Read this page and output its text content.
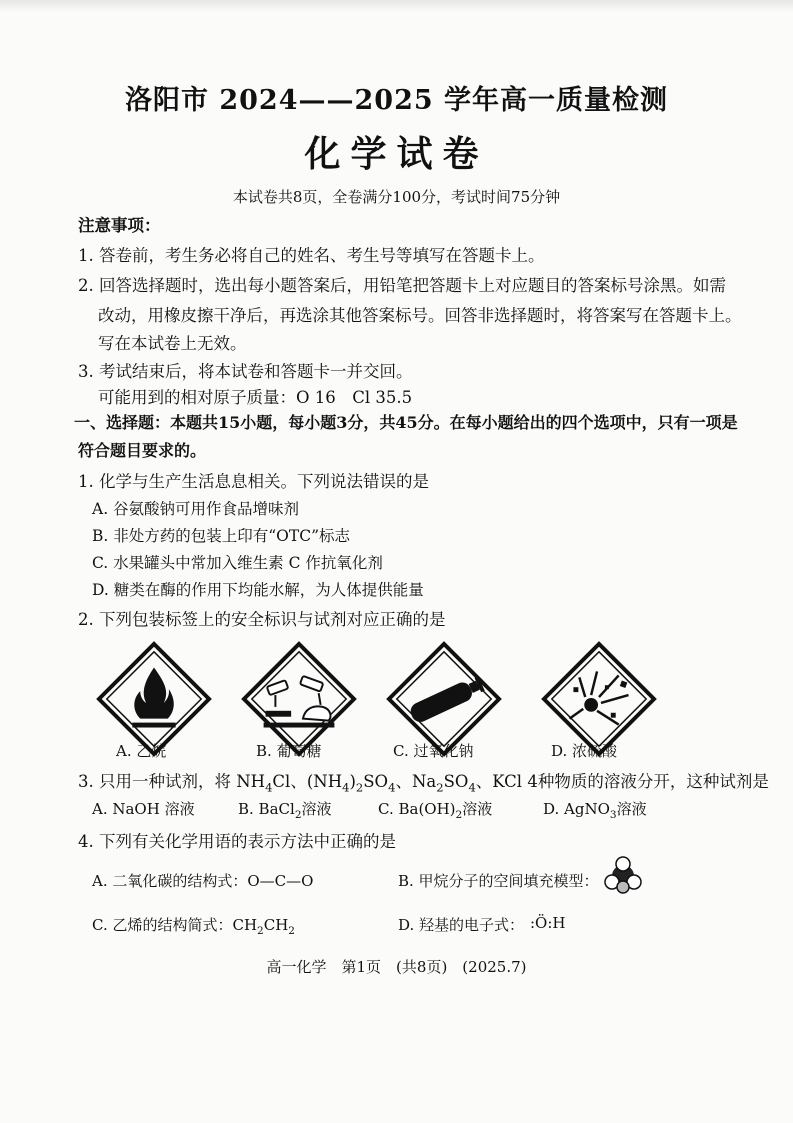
洛阳市 2024——2025 学年高一质量检测
化学试卷
本试卷共8页，全卷满分100分，考试时间75分钟
注意事项：
1. 答卷前，考生务必将自己的姓名、考生号等填写在答题卡上。
2. 回答选择题时，选出每小题答案后，用铅笔把答题卡上对应题目的答案标号涂黑。如需
改动，用橡皮擦干净后，再选涂其他答案标号。回答非选择题时，将答案写在答题卡上。
写在本试卷上无效。
3. 考试结束后，将本试卷和答题卡一并交回。
可能用到的相对原子质量：O 16　Cl 35.5
一、选择题：本题共15小题，每小题3分，共45分。在每小题给出的四个选项中，只有一项是
符合题目要求的。
1. 化学与生产生活息息相关。下列说法错误的是
A. 谷氨酸钠可用作食品增味剂
B. 非处方药的包装上印有“OTC”标志
C. 水果罐头中常加入维生素 C 作抗氧化剂
D. 糖类在酶的作用下均能水解，为人体提供能量
2. 下列包装标签上的安全标识与试剂对应正确的是
A. 乙烷	B. 葡萄糖	C. 过氧化钠	D. 浓硫酸
3. 只用一种试剂，将 $NH_4Cl$、$(NH_4)_2SO_4$、$Na_2SO_4$、KCl 4种物质的溶液分开，这种试剂是
A. NaOH 溶液	B. BaCl$_2$溶液	C. $Ba(OH)_2$溶液	D. AgNO$_3$溶液
4. 下列有关化学用语的表示方法中正确的是
A. 二氧化碳的结构式：O—C—O	B. 甲烷分子的空间填充模型：
C. 乙烯的结构简式：$CH_2CH_2$	D. 羟基的电子式： :Ö:H
高一化学　第1页　(共8页)　(2025.7)
